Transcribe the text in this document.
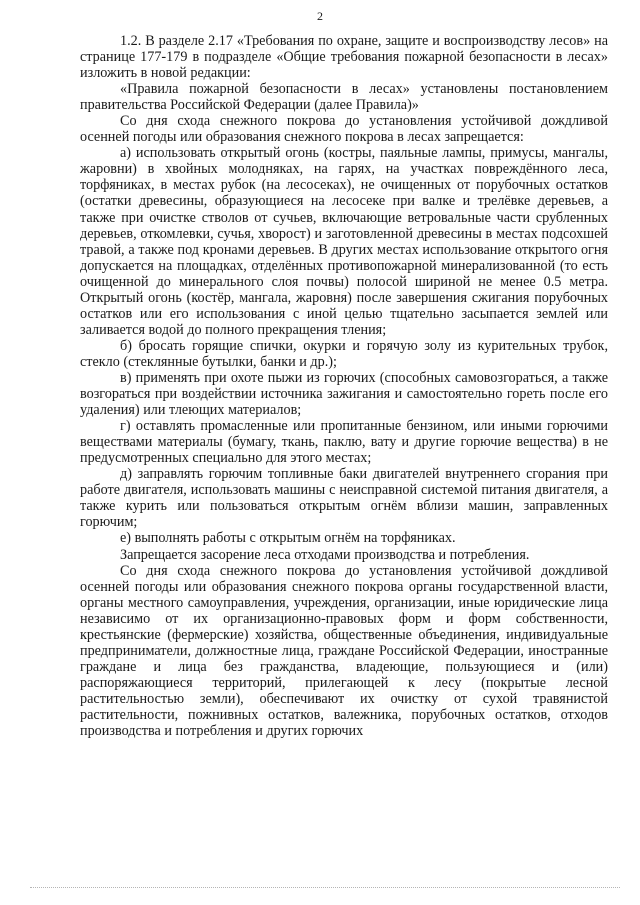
2

1.2. В разделе 2.17 «Требования по охране, защите и воспроизводству лесов» на странице 177-179 в подразделе «Общие требования пожарной безопасности в лесах» изложить в новой редакции:

«Правила пожарной безопасности в лесах» установлены постановлением правительства Российской Федерации (далее Правила)»

Со дня схода снежного покрова до установления устойчивой дождливой осенней погоды или образования снежного покрова в лесах запрещается:

а) использовать открытый огонь (костры, паяльные лампы, примусы, мангалы, жаровни) в хвойных молодняках, на гарях, на участках повреждённого леса, торфяниках, в местах рубок (на лесосеках), не очищенных от порубочных остатков (остатки древесины, образующиеся на лесосеке при валке и трелёвке деревьев, а также при очистке стволов от сучьев, включающие ветровальные части срубленных деревьев, откомлевки, сучья, хворост) и заготовленной древесины в местах подсохшей травой, а также под кронами деревьев. В других местах использование открытого огня допускается на площадках, отделённых противопожарной минерализованной (то есть очищенной до минерального слоя почвы) полосой шириной не менее 0.5 метра. Открытый огонь (костёр, мангала, жаровня) после завершения сжигания порубочных остатков или его использования с иной целью тщательно засыпается землей или заливается водой до полного прекращения тления;

б) бросать горящие спички, окурки и горячую золу из курительных трубок, стекло (стеклянные бутылки, банки и др.);

в) применять при охоте пыжи из горючих (способных самовозгораться, а также возгораться при воздействии источника зажигания и самостоятельно гореть после его удаления) или тлеющих материалов;

г) оставлять промасленные или пропитанные бензином, или иными горючими веществами материалы (бумагу, ткань, паклю, вату и другие горючие вещества) в не предусмотренных специально для этого местах;

д) заправлять горючим топливные баки двигателей внутреннего сгорания при работе двигателя, использовать машины с неисправной системой питания двигателя, а также курить или пользоваться открытым огнём вблизи машин, заправленных горючим;

е) выполнять работы с открытым огнём на торфяниках.

Запрещается засорение леса отходами производства и потребления.

Со дня схода снежного покрова до установления устойчивой дождливой осенней погоды или образования снежного покрова органы государственной власти, органы местного самоуправления, учреждения, организации, иные юридические лица независимо от их организационно-правовых форм и форм собственности, крестьянские (фермерские) хозяйства, общественные объединения, индивидуальные предприниматели, должностные лица, граждане Российской Федерации, иностранные граждане и лица без гражданства, владеющие, пользующиеся и (или) распоряжающиеся территорий, прилегающей к лесу (покрытые лесной растительностью земли), обеспечивают их очистку от сухой травянистой растительности, пожнивных остатков, валежника, порубочных остатков, отходов производства и потребления и других горючих
